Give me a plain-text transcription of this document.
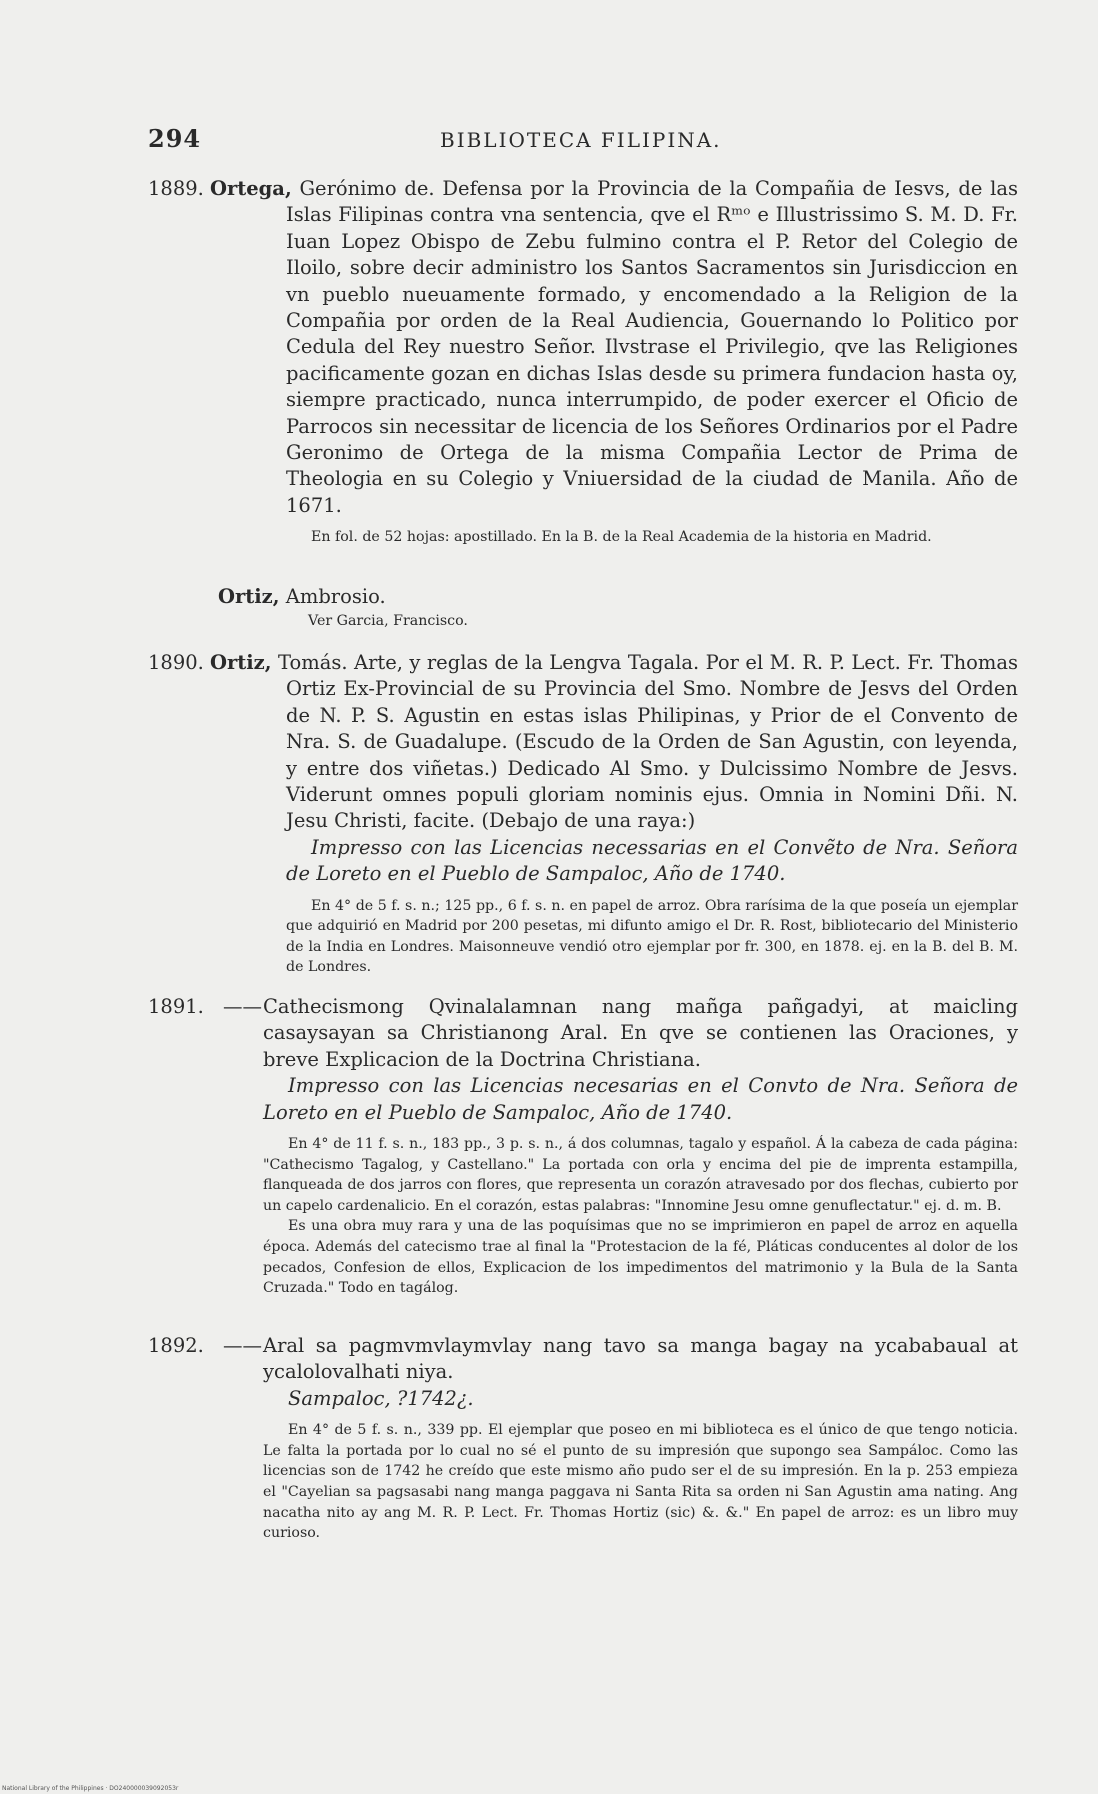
294	BIBLIOTECA FILIPINA.
1889. Ortega, Gerónimo de. Defensa por la Provincia de la Compañia de Iesvs, de las Islas Filipinas contra vna sentencia, qve el Rᵐᵒ e Illustrissimo S. M. D. Fr. Iuan Lopez Obispo de Zebu fulmino contra el P. Retor del Colegio de Iloilo, sobre decir administro los Santos Sacramentos sin Jurisdiccion en vn pueblo nueuamente formado, y encomendado a la Religion de la Compañia por orden de la Real Audiencia, Gouernando lo Politico por Cedula del Rey nuestro Señor. Ilvstrase el Privilegio, qve las Religiones pacificamente gozan en dichas Islas desde su primera fundacion hasta oy, siempre practicado, nunca interrumpido, de poder exercer el Oficio de Parrocos sin necessitar de licencia de los Señores Ordinarios por el Padre Geronimo de Ortega de la misma Compañia Lector de Prima de Theologia en su Colegio y Vniuersidad de la ciudad de Manila. Año de 1671.
En fol. de 52 hojas: apostillado. En la B. de la Real Academia de la historia en Madrid.
Ortiz, Ambrosio.
Ver Garcia, Francisco.
1890. Ortiz, Tomás. Arte, y reglas de la Lengva Tagala. Por el M. R. P. Lect. Fr. Thomas Ortiz Ex-Provincial de su Provincia del Smo. Nombre de Jesvs del Orden de N. P. S. Agustin en estas islas Philipinas, y Prior de el Convento de Nra. S. de Guadalupe. (Escudo de la Orden de San Agustin, con leyenda, y entre dos viñetas.) Dedicado Al Smo. y Dulcissimo Nombre de Jesvs. Viderunt omnes populi gloriam nominis ejus. Omnia in Nomini Dñi. N. Jesu Christi, facite. (Debajo de una raya:)
Impresso con las Licencias necessarias en el Convẽto de Nra. Señora de Loreto en el Pueblo de Sampaloc, Año de 1740.
En 4° de 5 f. s. n.; 125 pp., 6 f. s. n. en papel de arroz. Obra rarísima de la que poseía un ejemplar que adquirió en Madrid por 200 pesetas, mi difunto amigo el Dr. R. Rost, bibliotecario del Ministerio de la India en Londres. Maisonneuve vendió otro ejemplar por fr. 300, en 1878. ej. en la B. del B. M. de Londres.
1891. ——Cathecismong Qvinalalamnan nang mañga pañgadyi, at maicling casaysayan sa Christianong Aral. En qve se contienen las Oraciones, y breve Explicacion de la Doctrina Christiana.
Impresso con las Licencias necesarias en el Convto de Nra. Señora de Loreto en el Pueblo de Sampaloc, Año de 1740.
En 4° de 11 f. s. n., 183 pp., 3 p. s. n., á dos columnas, tagalo y español. Á la cabeza de cada página: "Cathecismo Tagalog, y Castellano." La portada con orla y encima del pie de imprenta estampilla, flanqueada de dos jarros con flores, que representa un corazón atravesado por dos flechas, cubierto por un capelo cardenalicio. En el corazón, estas palabras: "Innomine Jesu omne genuflectatur." ej. d. m. B.
Es una obra muy rara y una de las poquísimas que no se imprimieron en papel de arroz en aquella época. Además del catecismo trae al final la "Protestacion de la fé, Pláticas conducentes al dolor de los pecados, Confesion de ellos, Explicacion de los impedimentos del matrimonio y la Bula de la Santa Cruzada." Todo en tagálog.
1892. ——Aral sa pagmvmvlaymvlay nang tavo sa manga bagay na ycababaual at ycalolovalhati niya.
Sampaloc, ?1742¿.
En 4° de 5 f. s. n., 339 pp. El ejemplar que poseo en mi biblioteca es el único de que tengo noticia. Le falta la portada por lo cual no sé el punto de su impresión que supongo sea Sampáloc. Como las licencias son de 1742 he creído que este mismo año pudo ser el de su impresión. En la p. 253 empieza el "Cayelian sa pagsasabi nang manga paggava ni Santa Rita sa orden ni San Agustin ama nating. Ang nacatha nito ay ang M. R. P. Lect. Fr. Thomas Hortiz (sic) &. &." En papel de arroz: es un libro muy curioso.
National Library of the Philippines · DO240000039092053r
